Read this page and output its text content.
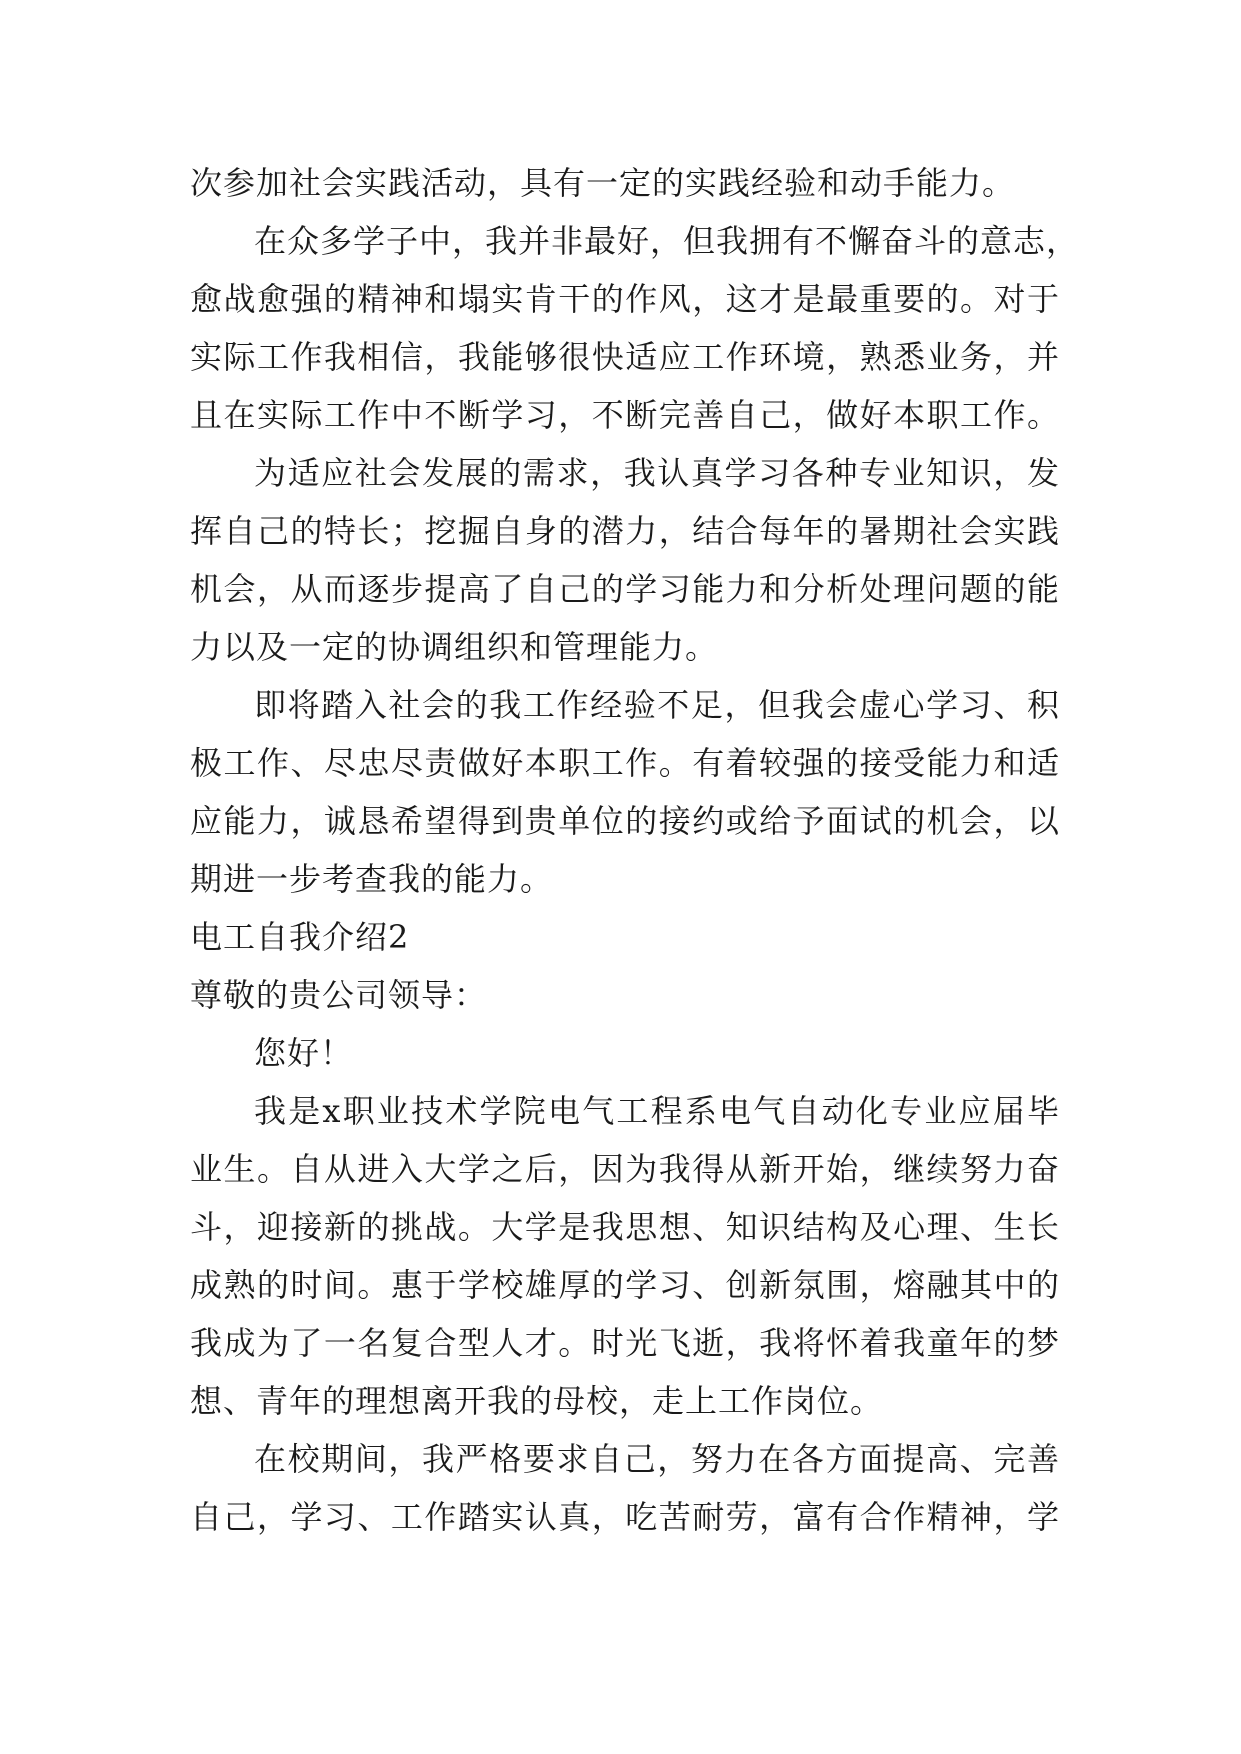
次参加社会实践活动，具有一定的实践经验和动手能力。
在众多学子中，我并非最好，但我拥有不懈奋斗的意志，
愈战愈强的精神和塌实肯干的作风，这才是最重要的。对于
实际工作我相信，我能够很快适应工作环境，熟悉业务，并
且在实际工作中不断学习，不断完善自己，做好本职工作。
为适应社会发展的需求，我认真学习各种专业知识，发
挥自己的特长；挖掘自身的潜力，结合每年的暑期社会实践
机会，从而逐步提高了自己的学习能力和分析处理问题的能
力以及一定的协调组织和管理能力。
即将踏入社会的我工作经验不足，但我会虚心学习、积
极工作、尽忠尽责做好本职工作。有着较强的接受能力和适
应能力，诚恳希望得到贵单位的接约或给予面试的机会，以
期进一步考查我的能力。
电工自我介绍2
尊敬的贵公司领导：
您好！
我是x职业技术学院电气工程系电气自动化专业应届毕
业生。自从进入大学之后，因为我得从新开始，继续努力奋
斗，迎接新的挑战。大学是我思想、知识结构及心理、生长
成熟的时间。惠于学校雄厚的学习、创新氛围，熔融其中的
我成为了一名复合型人才。时光飞逝，我将怀着我童年的梦
想、青年的理想离开我的母校，走上工作岗位。
在校期间，我严格要求自己，努力在各方面提高、完善
自己，学习、工作踏实认真，吃苦耐劳，富有合作精神，学
